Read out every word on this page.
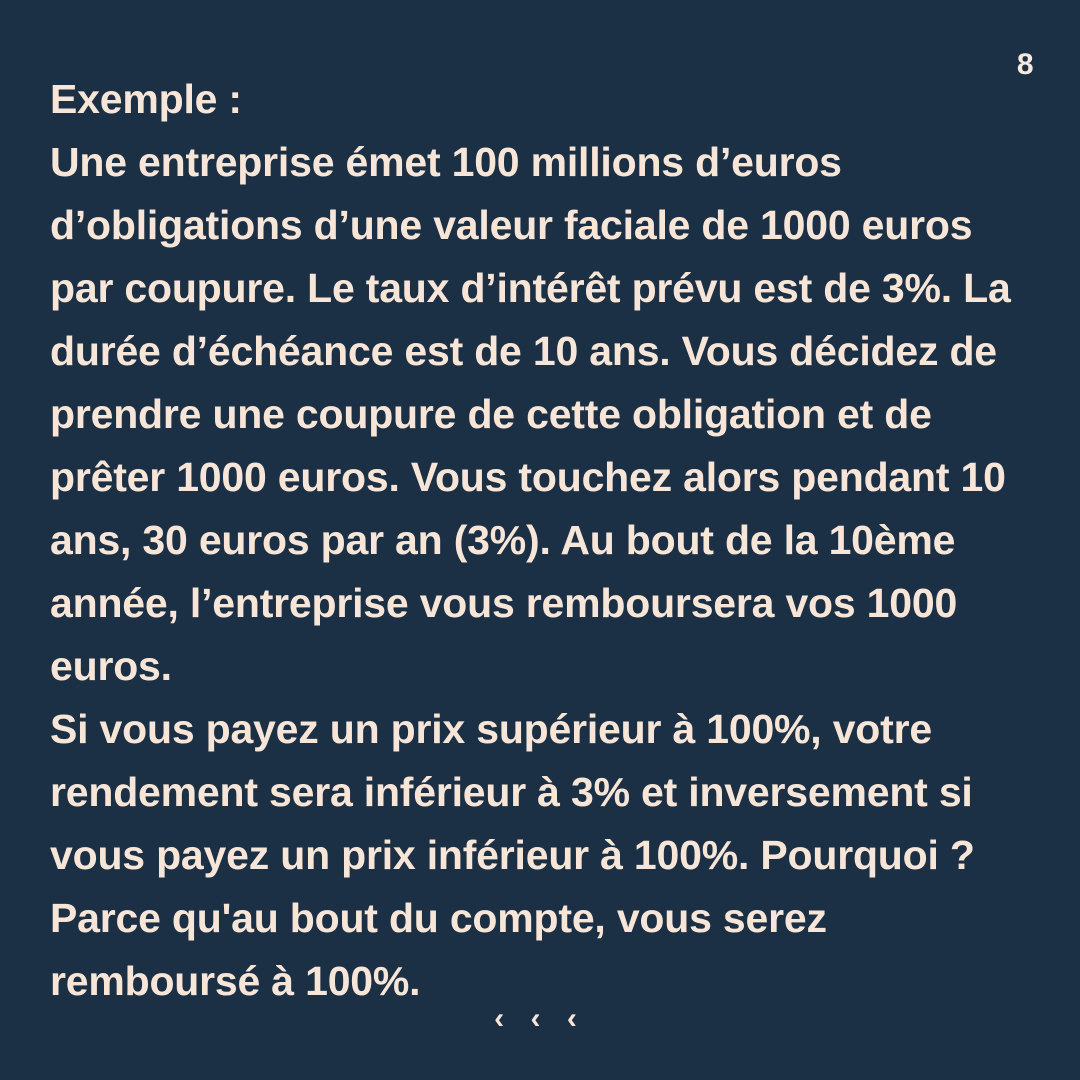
8

Exemple :

Une entreprise émet 100 millions d’euros d’obligations d’une valeur faciale de 1000 euros par coupure. Le taux d’intérêt prévu est de 3%. La durée d’échéance est de 10 ans. Vous décidez de prendre une coupure de cette obligation et de prêter 1000 euros. Vous touchez alors pendant 10 ans, 30 euros par an (3%). Au bout de la 10ème année, l’entreprise vous remboursera vos 1000 euros.

Si vous payez un prix supérieur à 100%, votre rendement sera inférieur à 3% et inversement si vous payez un prix inférieur à 100%. Pourquoi ? Parce qu'au bout du compte, vous serez remboursé à 100%.

‹ ‹ ‹
